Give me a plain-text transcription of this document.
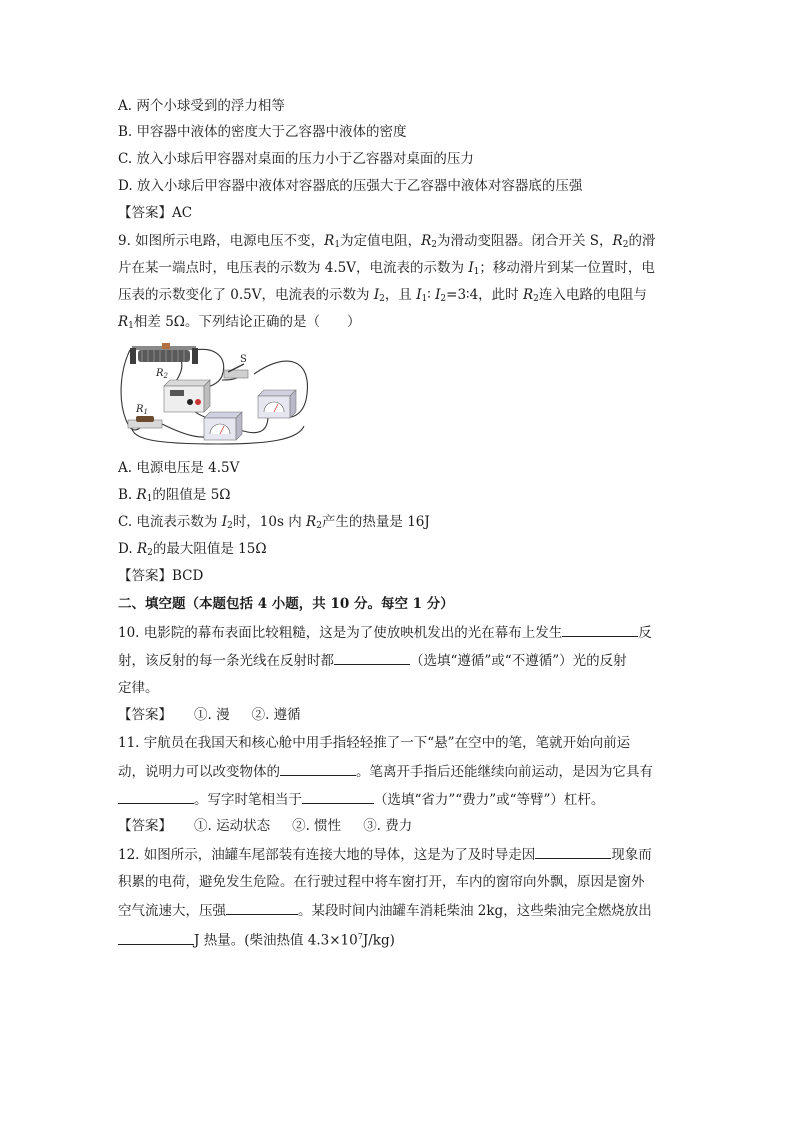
A. 两个小球受到的浮力相等
B. 甲容器中液体的密度大于乙容器中液体的密度
C. 放入小球后甲容器对桌面的压力小于乙容器对桌面的压力
D. 放入小球后甲容器中液体对容器底的压强大于乙容器中液体对容器底的压强
【答案】AC
9. 如图所示电路，电源电压不变，$R_1$为定值电阻，$R_2$为滑动变阻器。闭合开关 S，$R_2$的滑
片在某一端点时，电压表的示数为 4.5V，电流表的示数为 $I_1$；移动滑片到某一位置时，电
压表的示数变化了 0.5V，电流表的示数为 $I_2$，且 $I_1∶$ $I_2=3∶4$，此时 $R_2$连入电路的电阻与
$R_1$相差 5Ω。下列结论正确的是（　　）
$R_2$
S
$R_1$
A. 电源电压是 4.5V
B. $R_1$的阻值是 5Ω
C. 电流表示数为 $I_2$时，10s 内 $R_2$产生的热量是 16J
D. $R_2$的最大阻值是 15Ω
【答案】BCD
二、填空题（本题包括 4 小题，共 10 分。每空 1 分）
10. 电影院的幕布表面比较粗糙，这是为了使放映机发出的光在幕布上发生	反
射，该反射的每一条光线在反射时都	（选填“遵循”或“不遵循”）光的反射
定律。
【答案】 ①. 漫 ②. 遵循
11. 宇航员在我国天和核心舱中用手指轻轻推了一下“悬”在空中的笔，笔就开始向前运
动，说明力可以改变物体的	。笔离开手指后还能继续向前运动，是因为它具有
。写字时笔相当于	（选填“省力”“费力”或“等臂”）杠杆。
【答案】 ①. 运动状态 ②. 惯性 ③. 费力
12. 如图所示，油罐车尾部装有连接大地的导体，这是为了及时导走因	现象而
积累的电荷，避免发生危险。在行驶过程中将车窗打开，车内的窗帘向外飘，原因是窗外
空气流速大，压强	。某段时间内油罐车消耗柴油 2kg，这些柴油完全燃烧放出
J 热量。(柴油热值 $4.3\times 10^7J/kg$)
